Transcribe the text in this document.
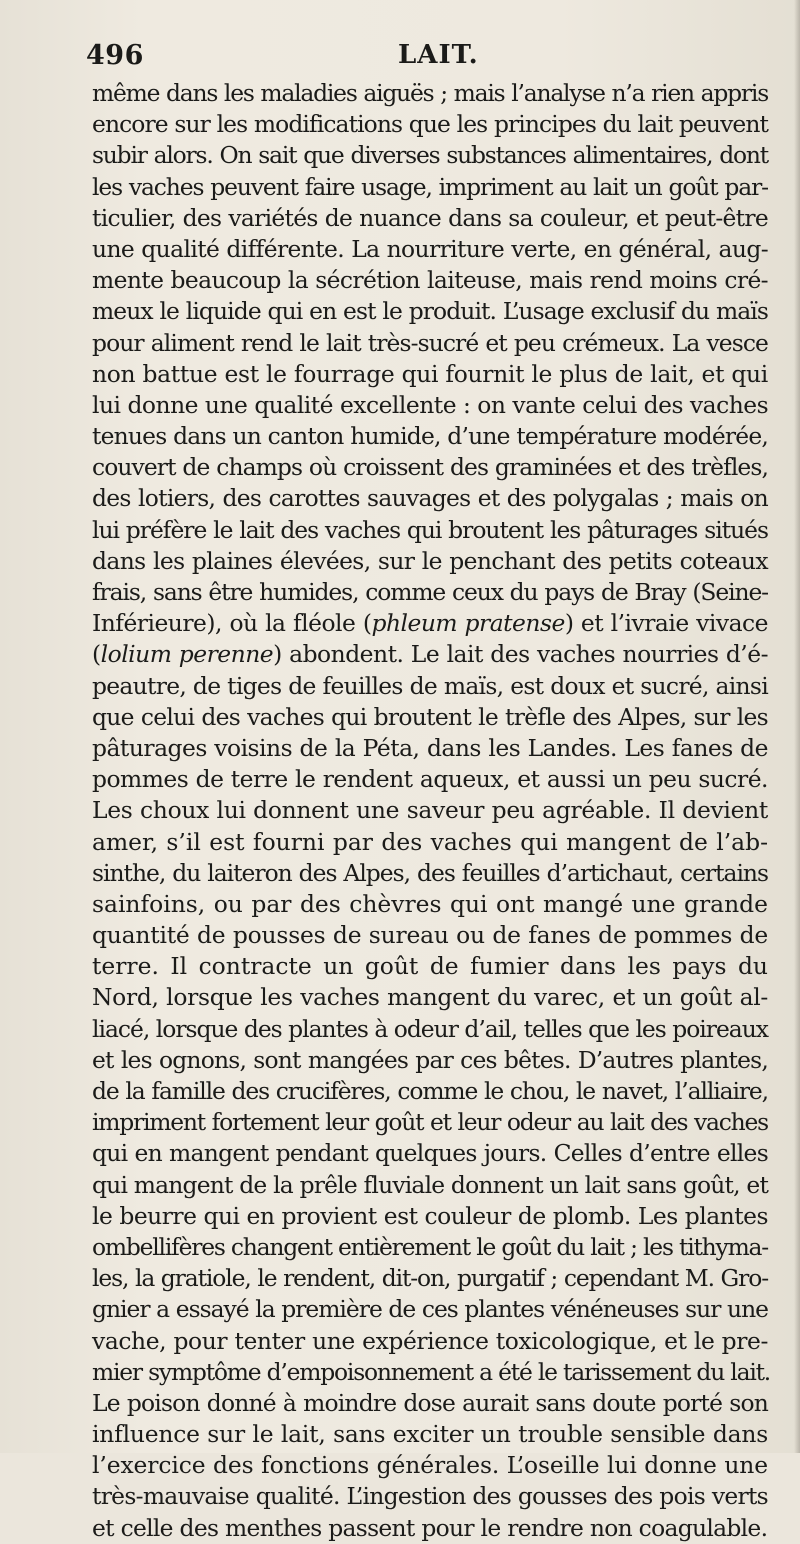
496	LAIT.
même dans les maladies aiguës ; mais l’analyse n’a rien appris
encore sur les modifications que les principes du lait peuvent
subir alors. On sait que diverses substances alimentaires, dont
les vaches peuvent faire usage, impriment au lait un goût par-
ticulier, des variétés de nuance dans sa couleur, et peut-être
une qualité différente. La nourriture verte, en général, aug-
mente beaucoup la sécrétion laiteuse, mais rend moins cré-
meux le liquide qui en est le produit. L’usage exclusif du maïs
pour aliment rend le lait très-sucré et peu crémeux. La vesce
non battue est le fourrage qui fournit le plus de lait, et qui
lui donne une qualité excellente : on vante celui des vaches
tenues dans un canton humide, d’une température modérée,
couvert de champs où croissent des graminées et des trèfles,
des lotiers, des carottes sauvages et des polygalas ; mais on
lui préfère le lait des vaches qui broutent les pâturages situés
dans les plaines élevées, sur le penchant des petits coteaux
frais, sans être humides, comme ceux du pays de Bray (Seine-
Inférieure), où la fléole (phleum pratense) et l’ivraie vivace
(lolium perenne) abondent. Le lait des vaches nourries d’é-
peautre, de tiges de feuilles de maïs, est doux et sucré, ainsi
que celui des vaches qui broutent le trèfle des Alpes, sur les
pâturages voisins de la Péta, dans les Landes. Les fanes de
pommes de terre le rendent aqueux, et aussi un peu sucré.
Les choux lui donnent une saveur peu agréable. Il devient
amer, s’il est fourni par des vaches qui mangent de l’ab-
sinthe, du laiteron des Alpes, des feuilles d’artichaut, certains
sainfoins, ou par des chèvres qui ont mangé une grande
quantité de pousses de sureau ou de fanes de pommes de
terre. Il contracte un goût de fumier dans les pays du
Nord, lorsque les vaches mangent du varec, et un goût al-
liacé, lorsque des plantes à odeur d’ail, telles que les poireaux
et les ognons, sont mangées par ces bêtes. D’autres plantes,
de la famille des crucifères, comme le chou, le navet, l’alliaire,
impriment fortement leur goût et leur odeur au lait des vaches
qui en mangent pendant quelques jours. Celles d’entre elles
qui mangent de la prêle fluviale donnent un lait sans goût, et
le beurre qui en provient est couleur de plomb. Les plantes
ombellifères changent entièrement le goût du lait ; les tithyma-
les, la gratiole, le rendent, dit-on, purgatif ; cependant M. Gro-
gnier a essayé la première de ces plantes vénéneuses sur une
vache, pour tenter une expérience toxicologique, et le pre-
mier symptôme d’empoisonnement a été le tarissement du lait.
Le poison donné à moindre dose aurait sans doute porté son
influence sur le lait, sans exciter un trouble sensible dans
l’exercice des fonctions générales. L’oseille lui donne une
très-mauvaise qualité. L’ingestion des gousses des pois verts
et celle des menthes passent pour le rendre non coagulable.
